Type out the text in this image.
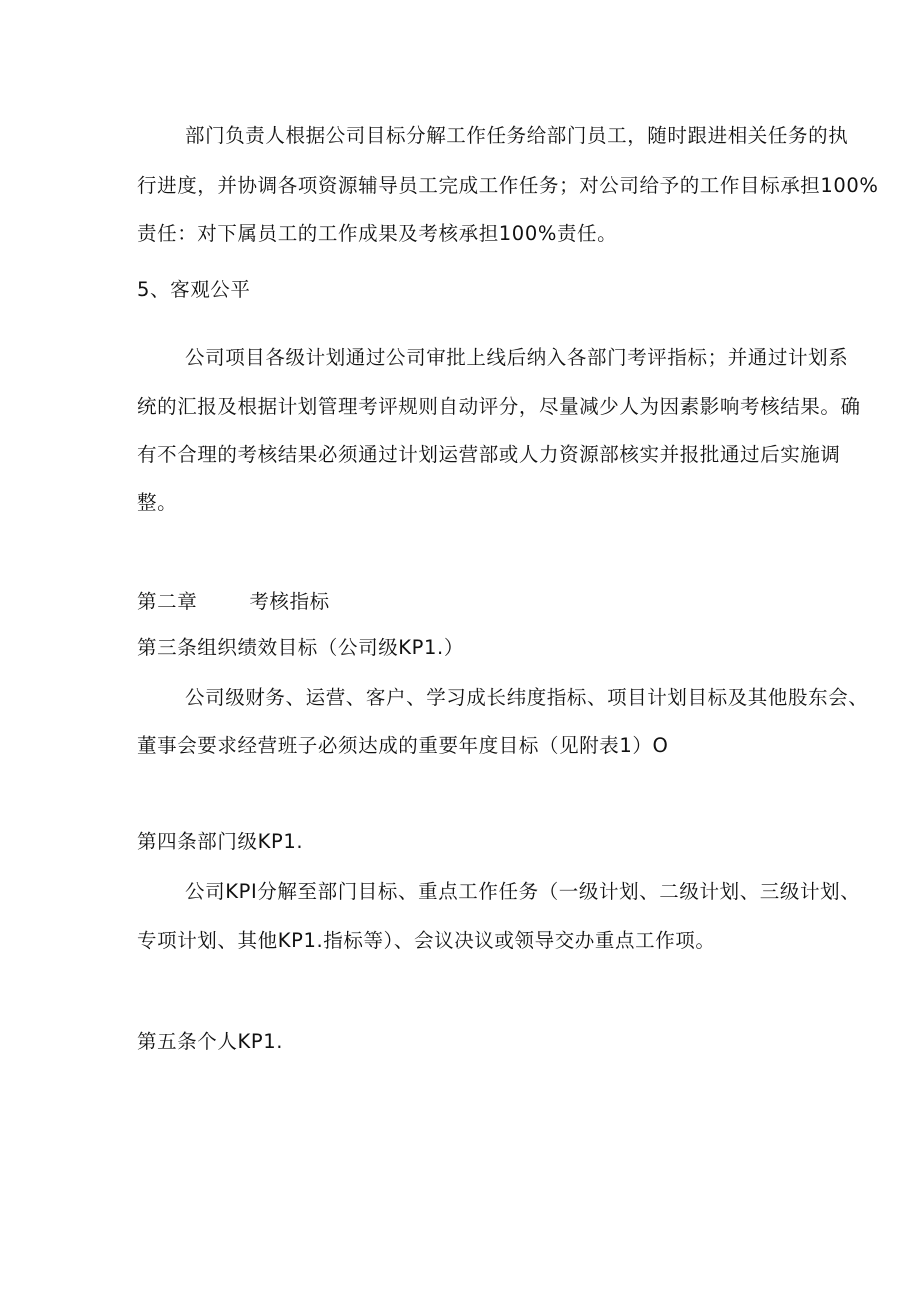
部门负责人根据公司目标分解工作任务给部门员工，随时跟进相关任务的执
行进度，并协调各项资源辅导员工完成工作任务；对公司给予的工作目标承担100%
责任：对下属员工的工作成果及考核承担100%责任。
5、客观公平
公司项目各级计划通过公司审批上线后纳入各部门考评指标；并通过计划系
统的汇报及根据计划管理考评规则自动评分，尽量减少人为因素影响考核结果。确
有不合理的考核结果必须通过计划运营部或人力资源部核实并报批通过后实施调
整。
第二章	考核指标
第三条组织绩效目标（公司级KP1.）
公司级财务、运营、客户、学习成长纬度指标、项目计划目标及其他股东会、
董事会要求经营班子必须达成的重要年度目标（见附表1）O
第四条部门级KP1.
公司KPI分解至部门目标、重点工作任务（一级计划、二级计划、三级计划、
专项计划、其他KP1.指标等）、会议决议或领导交办重点工作项。
第五条个人KP1.
